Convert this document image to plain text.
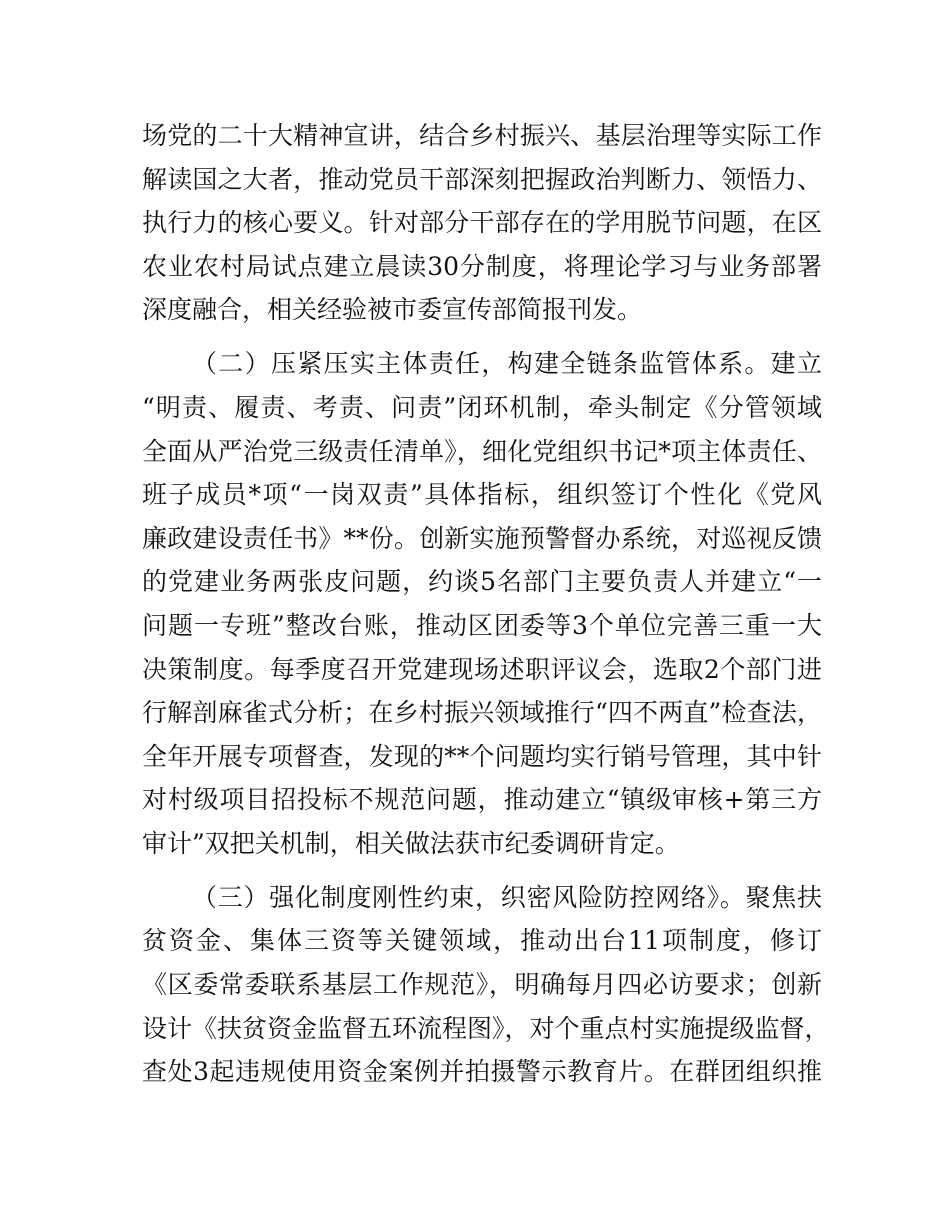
场党的二十大精神宣讲，结合乡村振兴、基层治理等实际工作
解读国之大者，推动党员干部深刻把握政治判断力、领悟力、
执行力的核心要义。针对部分干部存在的学用脱节问题，在区
农业农村局试点建立晨读30分制度，将理论学习与业务部署
深度融合，相关经验被市委宣传部简报刊发。

（二）压紧压实主体责任，构建全链条监管体系。建立
“明责、履责、考责、问责”闭环机制，牵头制定《分管领域
全面从严治党三级责任清单》，细化党组织书记*项主体责任、
班子成员*项“一岗双责”具体指标，组织签订个性化《党风
廉政建设责任书》**份。创新实施预警督办系统，对巡视反馈
的党建业务两张皮问题，约谈5名部门主要负责人并建立“一
问题一专班”整改台账，推动区团委等3个单位完善三重一大
决策制度。每季度召开党建现场述职评议会，选取2个部门进
行解剖麻雀式分析；在乡村振兴领域推行“四不两直”检查法，
全年开展专项督查，发现的**个问题均实行销号管理，其中针
对村级项目招投标不规范问题，推动建立“镇级审核+第三方
审计”双把关机制，相关做法获市纪委调研肯定。

（三）强化制度刚性约束，织密风险防控网络》。聚焦扶
贫资金、集体三资等关键领域，推动出台11项制度，修订
《区委常委联系基层工作规范》，明确每月四必访要求；创新
设计《扶贫资金监督五环流程图》，对个重点村实施提级监督，
查处3起违规使用资金案例并拍摄警示教育片。在群团组织推
